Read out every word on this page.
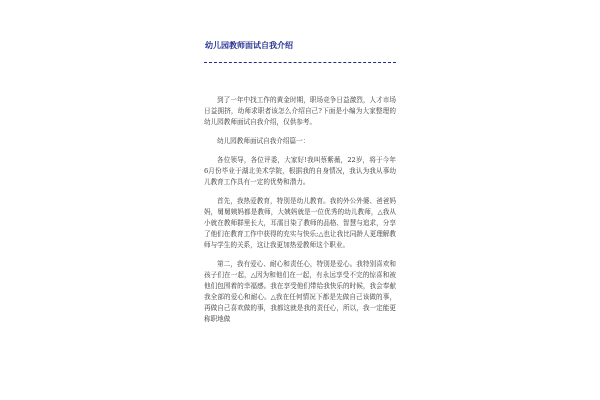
幼儿园教师面试自我介绍

到了一年中找工作的黄金时期，职场竞争日益激烈，人才市场日益拥挤，幼师求职者该怎么介绍自己?下面是小编为大家整理的幼儿园教师面试自我介绍，仅供参考。

幼儿园教师面试自我介绍篇一：

各位领导，各位评委，大家好!我叫蔡紫薇，22岁，将于今年6月份毕业于湖北美术学院，根据我的自身情况，我认为我从事幼儿教育工作具有一定的优势和潜力。

首先，我热爱教育，特别是幼儿教育。我的外公外婆、爸爸妈妈，舅舅姨妈都是教师，大姨妈就是一位优秀的幼儿教师，△我从小就在教师群里长大，耳濡目染了教师的品格、智慧与追求，分享了他们在教育工作中获得的充实与快乐;△也让我比同龄人更理解教师与学生的关系，这让我更加热爱教师这个职业。

第二，我有爱心、耐心和责任心，特别是爱心。我特别喜欢和孩子们在一起，△因为和他们在一起，有永远享受不完的惊喜和被他们包围着的幸福感。我在享受他们带给我快乐的时候，我会奉献我全部的爱心和耐心。△我在任何情况下都是先做自己该做的事，再做自己喜欢做的事，我都这就是我的责任心，所以，我一定能更称职地做
